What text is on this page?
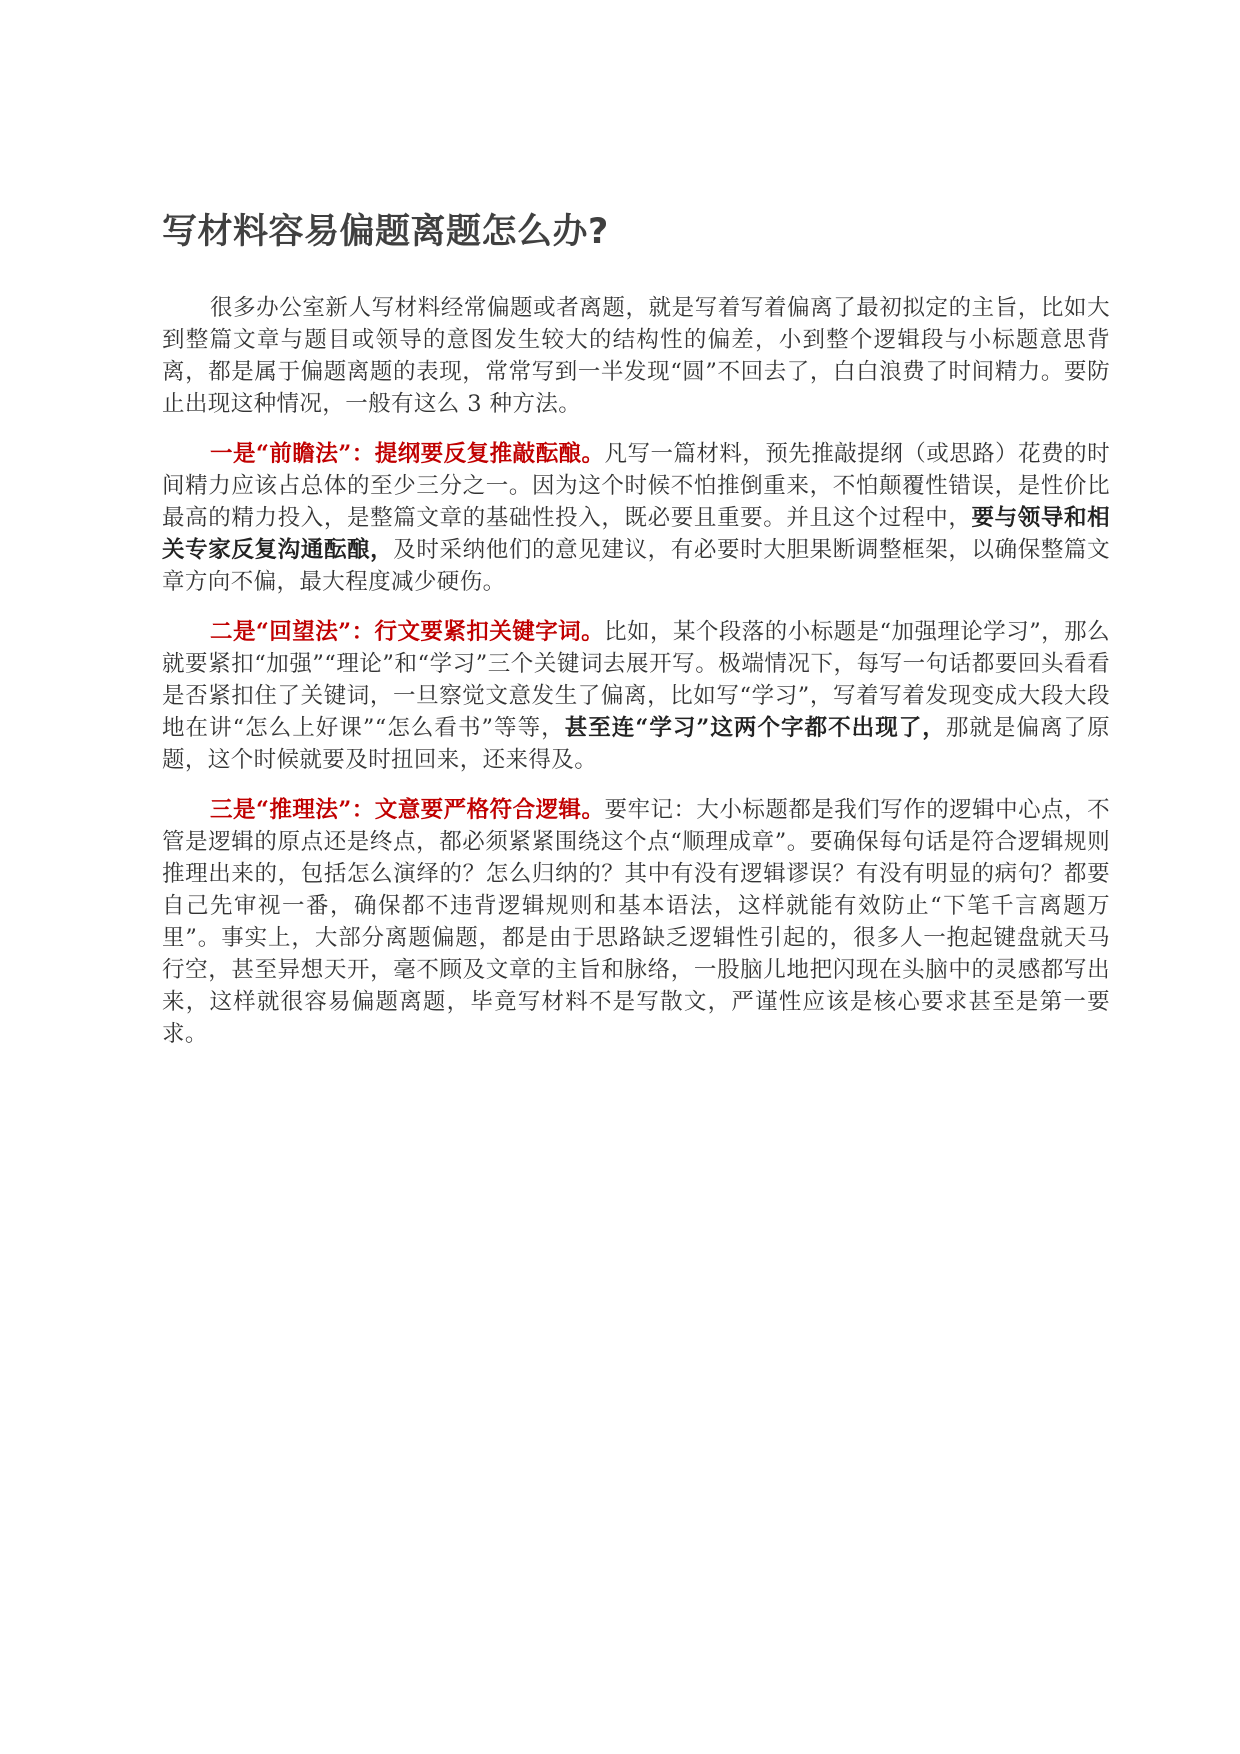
写材料容易偏题离题怎么办?

很多办公室新人写材料经常偏题或者离题，就是写着写着偏离了最初拟定的主旨，比如大到整篇文章与题目或领导的意图发生较大的结构性的偏差，小到整个逻辑段与小标题意思背离，都是属于偏题离题的表现，常常写到一半发现“圆”不回去了，白白浪费了时间精力。要防止出现这种情况，一般有这么 3 种方法。

一是“前瞻法”：提纲要反复推敲酝酿。凡写一篇材料，预先推敲提纲（或思路）花费的时间精力应该占总体的至少三分之一。因为这个时候不怕推倒重来，不怕颠覆性错误，是性价比最高的精力投入，是整篇文章的基础性投入，既必要且重要。并且这个过程中，要与领导和相关专家反复沟通酝酿，及时采纳他们的意见建议，有必要时大胆果断调整框架，以确保整篇文章方向不偏，最大程度减少硬伤。

二是“回望法”：行文要紧扣关键字词。比如，某个段落的小标题是“加强理论学习”，那么就要紧扣“加强”“理论”和“学习”三个关键词去展开写。极端情况下，每写一句话都要回头看看是否紧扣住了关键词，一旦察觉文意发生了偏离，比如写“学习”，写着写着发现变成大段大段地在讲“怎么上好课”“怎么看书”等等，甚至连“学习”这两个字都不出现了，那就是偏离了原题，这个时候就要及时扭回来，还来得及。

三是“推理法”：文意要严格符合逻辑。要牢记：大小标题都是我们写作的逻辑中心点，不管是逻辑的原点还是终点，都必须紧紧围绕这个点“顺理成章”。要确保每句话是符合逻辑规则推理出来的，包括怎么演绎的？怎么归纳的？其中有没有逻辑谬误？有没有明显的病句？都要自己先审视一番，确保都不违背逻辑规则和基本语法，这样就能有效防止“下笔千言离题万里”。事实上，大部分离题偏题，都是由于思路缺乏逻辑性引起的，很多人一抱起键盘就天马行空，甚至异想天开，毫不顾及文章的主旨和脉络，一股脑儿地把闪现在头脑中的灵感都写出来，这样就很容易偏题离题，毕竟写材料不是写散文，严谨性应该是核心要求甚至是第一要求。
